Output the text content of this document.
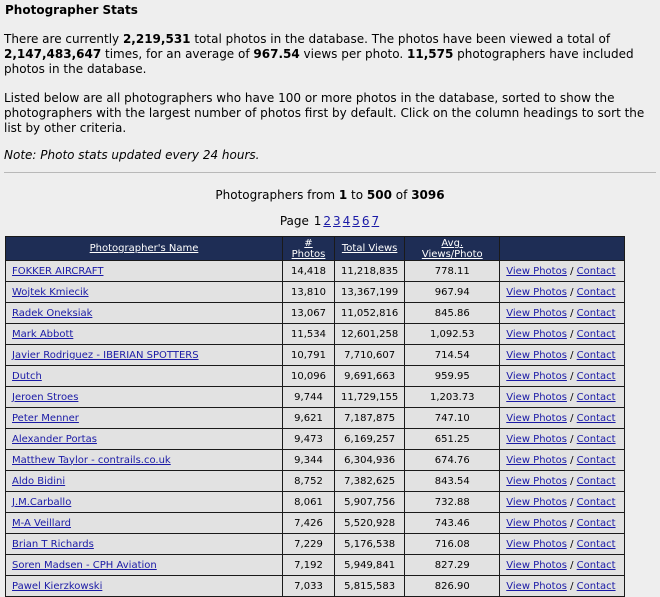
Photographer Stats

There are currently 2,219,531 total photos in the database. The photos have been viewed a total of 2,147,483,647 times, for an average of 967.54 views per photo. 11,575 photographers have included photos in the database.

Listed below are all photographers who have 100 or more photos in the database, sorted to show the photographers with the largest number of photos first by default. Click on the column headings to sort the list by other criteria.

Note: Photo stats updated every 24 hours.

Photographers from 1 to 500 of 3096
Page 1 2 3 4 5 6 7
Photographer's Name	# Photos	Total Views	Avg. Views/Photo	
FOKKER AIRCRAFT	14,418	11,218,835	778.11	View Photos / Contact
Wojtek Kmiecik	13,810	13,367,199	967.94	View Photos / Contact
Radek Oneksiak	13,067	11,052,816	845.86	View Photos / Contact
Mark Abbott	11,534	12,601,258	1,092.53	View Photos / Contact
Javier Rodriguez - IBERIAN SPOTTERS	10,791	7,710,607	714.54	View Photos / Contact
Dutch	10,096	9,691,663	959.95	View Photos / Contact
Jeroen Stroes	9,744	11,729,155	1,203.73	View Photos / Contact
Peter Menner	9,621	7,187,875	747.10	View Photos / Contact
Alexander Portas	9,473	6,169,257	651.25	View Photos / Contact
Matthew Taylor - contrails.co.uk	9,344	6,304,936	674.76	View Photos / Contact
Aldo Bidini	8,752	7,382,625	843.54	View Photos / Contact
J.M.Carballo	8,061	5,907,756	732.88	View Photos / Contact
M-A Veillard	7,426	5,520,928	743.46	View Photos / Contact
Brian T Richards	7,229	5,176,538	716.08	View Photos / Contact
Soren Madsen - CPH Aviation	7,192	5,949,841	827.29	View Photos / Contact
Pawel Kierzkowski	7,033	5,815,583	826.90	View Photos / Contact
